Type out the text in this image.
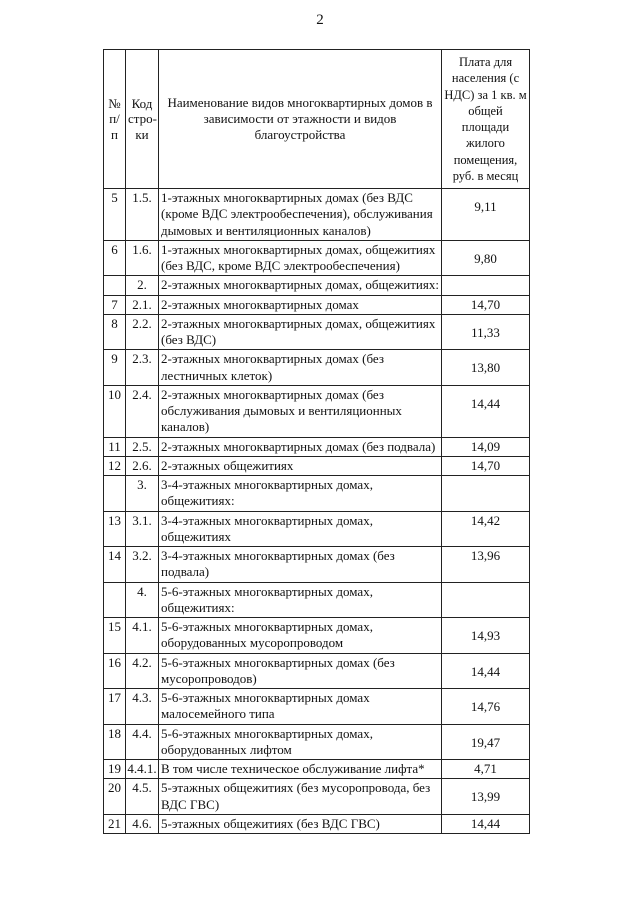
2
№ п/п	Код стро-ки	Наименование видов многоквартирных домов в зависимости от этажности и видов благоустройства	Плата для населения (с НДС) за 1 кв. м общей площади жилого помещения, руб. в месяц
5	1.5.	1-этажных многоквартирных домах (без ВДС (кроме ВДС электрообеспечения), обслуживания дымовых и вентиляционных каналов)	9,11
6	1.6.	1-этажных многоквартирных домах, общежитиях (без ВДС, кроме ВДС электрообеспечения)	9,80
	2.	2-этажных многоквартирных домах, общежитиях:	
7	2.1.	2-этажных многоквартирных домах	14,70
8	2.2.	2-этажных многоквартирных домах, общежитиях (без ВДС)	11,33
9	2.3.	2-этажных многоквартирных домах (без лестничных клеток)	13,80
10	2.4.	2-этажных многоквартирных домах (без обслуживания дымовых и вентиляционных каналов)	14,44
11	2.5.	2-этажных многоквартирных домах (без подвала)	14,09
12	2.6.	2-этажных общежитиях	14,70
	3.	3-4-этажных многоквартирных домах, общежитиях:	
13	3.1.	3-4-этажных многоквартирных домах, общежитиях	14,42
14	3.2.	3-4-этажных многоквартирных домах (без подвала)	13,96
	4.	5-6-этажных многоквартирных домах, общежитиях:	
15	4.1.	5-6-этажных многоквартирных домах, оборудованных мусоропроводом	14,93
16	4.2.	5-6-этажных многоквартирных домах (без мусоропроводов)	14,44
17	4.3.	5-6-этажных многоквартирных домах малосемейного типа	14,76
18	4.4.	5-6-этажных многоквартирных домах, оборудованных лифтом	19,47
19	4.4.1.	В том числе техническое обслуживание лифта*	4,71
20	4.5.	5-этажных общежитиях (без мусоропровода, без ВДС ГВС)	13,99
21	4.6.	5-этажных общежитиях (без ВДС ГВС)	14,44
